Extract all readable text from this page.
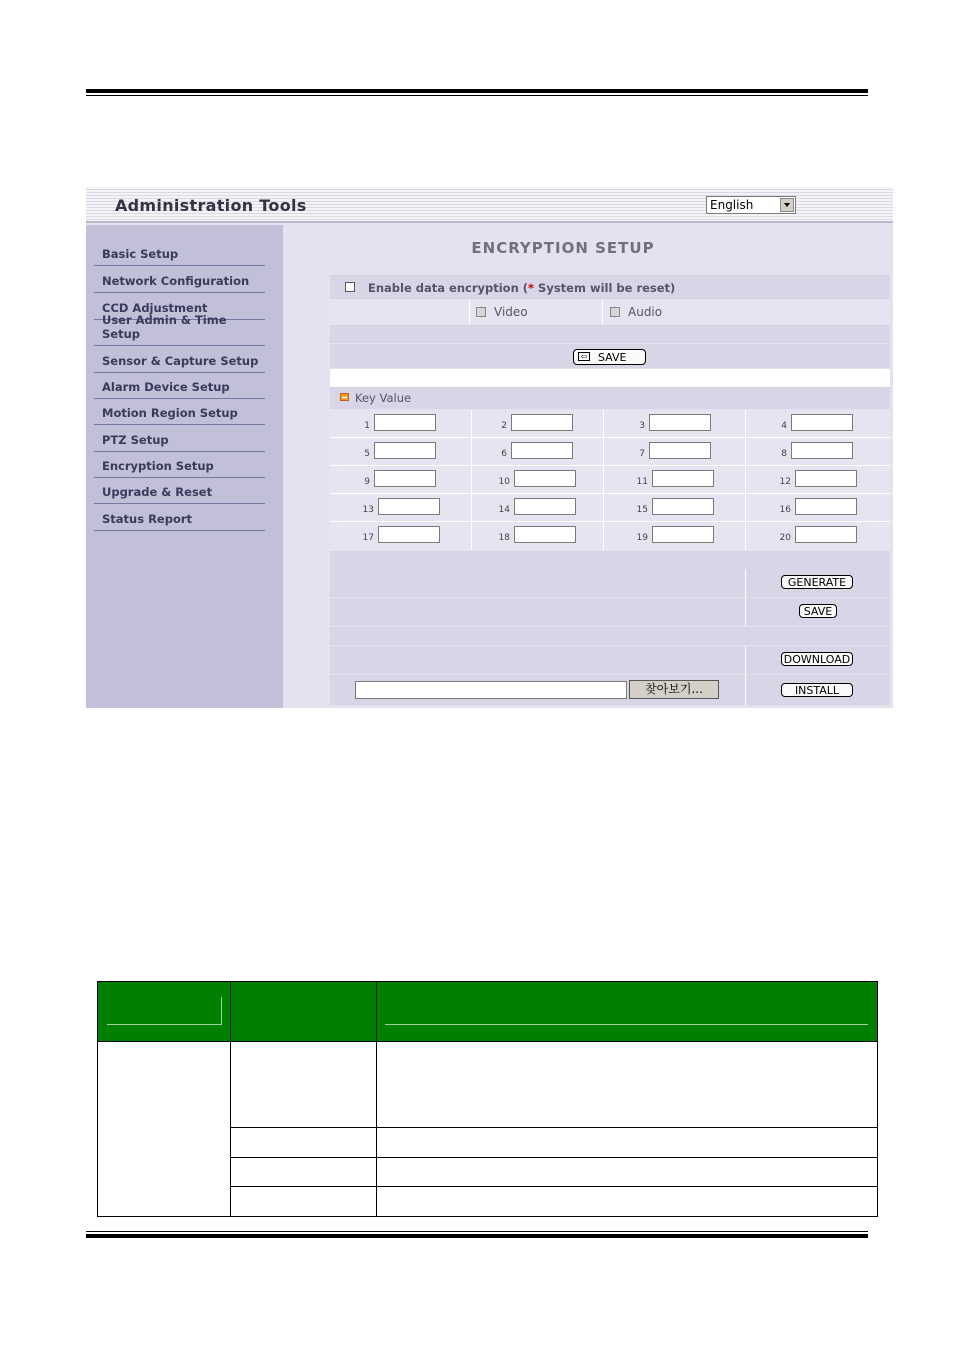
Administration Tools	English
Basic Setup
Network Configuration
CCD Adjustment
User Admin & Time Setup
Sensor & Capture Setup
Alarm Device Setup
Motion Region Setup
PTZ Setup
Encryption Setup
Upgrade & Reset
Status Report
ENCRYPTION SETUP
Enable data encryption (* System will be reset)
Video	Audio
⇦ SAVE
Key Value
1	2	3	4
5	6	7	8
9	10	11	12
13	14	15	16
17	18	19	20
GENERATE
SAVE
DOWNLOAD
찾아보기...	INSTALL
